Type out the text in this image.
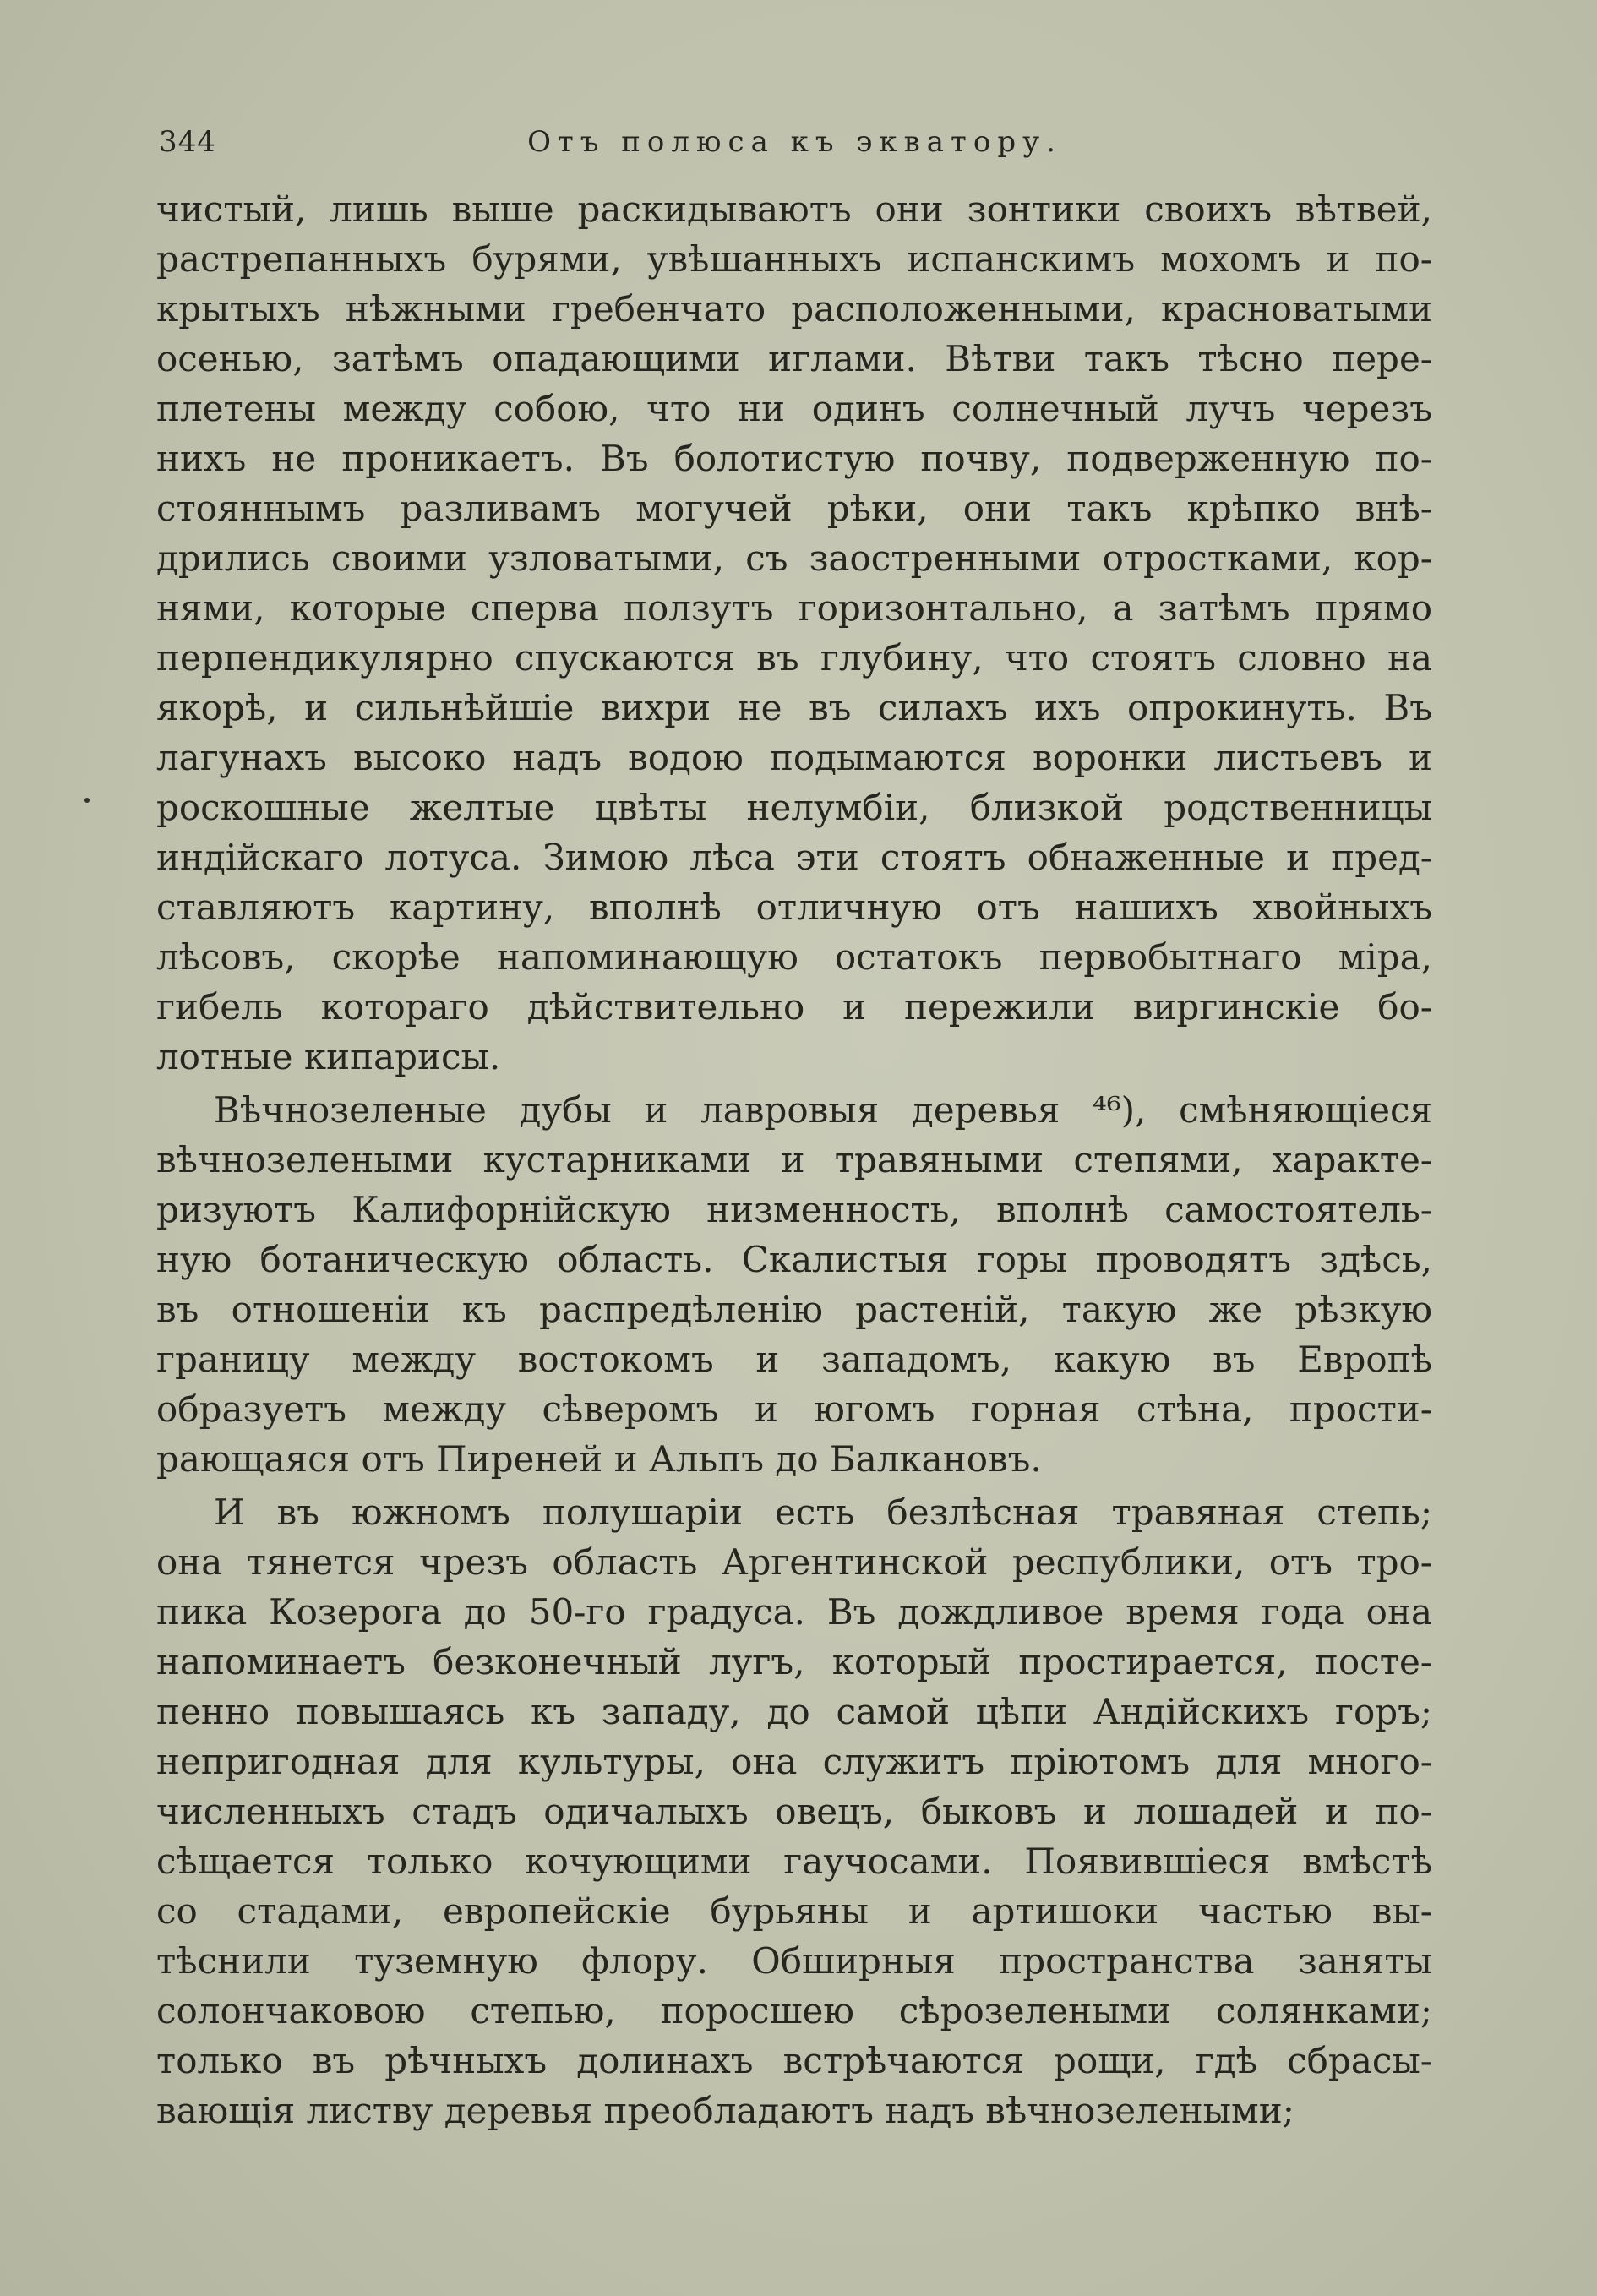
344	Отъ полюса къ экватору.
чистый, лишь выше раскидываютъ они зонтики своихъ вѣтвей,
растрепанныхъ бурями, увѣшанныхъ испанскимъ мохомъ и по-
крытыхъ нѣжными гребенчато расположенными, красноватыми
осенью, затѣмъ опадающими иглами. Вѣтви такъ тѣсно пере-
плетены между собою, что ни одинъ солнечный лучъ черезъ
нихъ не проникаетъ. Въ болотистую почву, подверженную по-
стояннымъ разливамъ могучей рѣки, они такъ крѣпко внѣ-
дрились своими узловатыми, съ заостренными отростками, кор-
нями, которые сперва ползутъ горизонтально, а затѣмъ прямо
перпендикулярно спускаются въ глубину, что стоятъ словно на
якорѣ, и сильнѣйшіе вихри не въ силахъ ихъ опрокинуть. Въ
лагунахъ высоко надъ водою подымаются воронки листьевъ и
роскошные желтые цвѣты нелумбіи, близкой родственницы
индійскаго лотуса. Зимою лѣса эти стоятъ обнаженные и пред-
ставляютъ картину, вполнѣ отличную отъ нашихъ хвойныхъ
лѣсовъ, скорѣе напоминающую остатокъ первобытнаго міра,
гибель котораго дѣйствительно и пережили виргинскіе бо-
лотные кипарисы.
Вѣчнозеленые дубы и лавровыя деревья ⁴⁶), смѣняющіеся
вѣчнозелеными кустарниками и травяными степями, характе-
ризуютъ Калифорнійскую низменность, вполнѣ самостоятель-
ную ботаническую область. Скалистыя горы проводятъ здѣсь,
въ отношеніи къ распредѣленію растеній, такую же рѣзкую
границу между востокомъ и западомъ, какую въ Европѣ
образуетъ между сѣверомъ и югомъ горная стѣна, прости-
рающаяся отъ Пиреней и Альпъ до Балкановъ.
И въ южномъ полушаріи есть безлѣсная травяная степь;
она тянется чрезъ область Аргентинской республики, отъ тро-
пика Козерога до 50-го градуса. Въ дождливое время года она
напоминаетъ безконечный лугъ, который простирается, посте-
пенно повышаясь къ западу, до самой цѣпи Андійскихъ горъ;
непригодная для культуры, она служитъ пріютомъ для много-
численныхъ стадъ одичалыхъ овецъ, быковъ и лошадей и по-
сѣщается только кочующими гаучосами. Появившіеся вмѣстѣ
со стадами, европейскіе бурьяны и артишоки частью вы-
тѣснили туземную флору. Обширныя пространства заняты
солончаковою степью, поросшею сѣрозелеными солянками;
только въ рѣчныхъ долинахъ встрѣчаются рощи, гдѣ сбрасы-
вающія листву деревья преобладаютъ надъ вѣчнозелеными;
